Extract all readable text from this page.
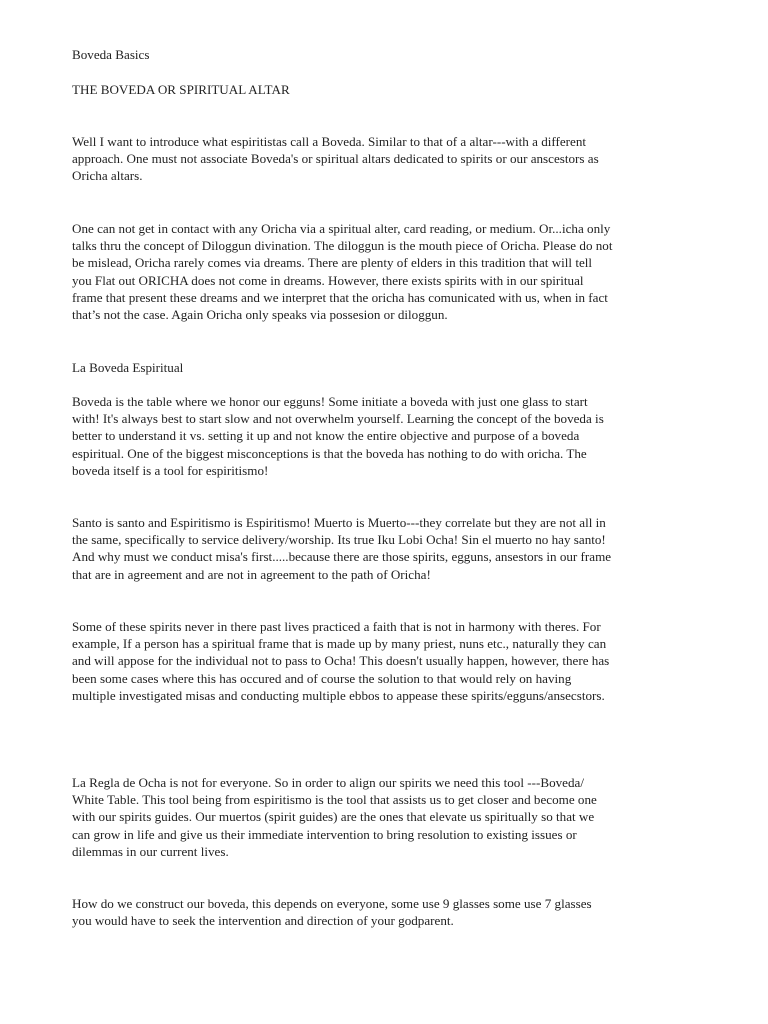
Boveda Basics

THE BOVEDA OR SPIRITUAL ALTAR

Well I want to introduce what espiritistas call a Boveda. Similar to that of a altar---with a different
approach. One must not associate Boveda's or spiritual altars dedicated to spirits or our anscestors as
Oricha altars.

One can not get in contact with any Oricha via a spiritual alter, card reading, or medium. Or...icha only
talks thru the concept of Diloggun divination. The diloggun is the mouth piece of Oricha. Please do not
be mislead, Oricha rarely comes via dreams. There are plenty of elders in this tradition that will tell
you Flat out ORICHA does not come in dreams. However, there exists spirits with in our spiritual
frame that present these dreams and we interpret that the oricha has comunicated with us, when in fact
that’s not the case. Again Oricha only speaks via possesion or diloggun.

La Boveda Espiritual

Boveda is the table where we honor our egguns! Some initiate a boveda with just one glass to start
with! It's always best to start slow and not overwhelm yourself. Learning the concept of the boveda is
better to understand it vs. setting it up and not know the entire objective and purpose of a boveda
espiritual. One of the biggest misconceptions is that the boveda has nothing to do with oricha. The
boveda itself is a tool for espiritismo!

Santo is santo and Espiritismo is Espiritismo! Muerto is Muerto---they correlate but they are not all in
the same, specifically to service delivery/worship. Its true Iku Lobi Ocha! Sin el muerto no hay santo!
And why must we conduct misa's first.....because there are those spirits, egguns, ansestors in our frame
that are in agreement and are not in agreement to the path of Oricha!

Some of these spirits never in there past lives practiced a faith that is not in harmony with theres. For
example, If a person has a spiritual frame that is made up by many priest, nuns etc., naturally they can
and will appose for the individual not to pass to Ocha! This doesn't usually happen, however, there has
been some cases where this has occured and of course the solution to that would rely on having
multiple investigated misas and conducting multiple ebbos to appease these spirits/egguns/ansecstors.

La Regla de Ocha is not for everyone. So in order to align our spirits we need this tool ---Boveda/
White Table. This tool being from espiritismo is the tool that assists us to get closer and become one
with our spirits guides. Our muertos (spirit guides) are the ones that elevate us spiritually so that we
can grow in life and give us their immediate intervention to bring resolution to existing issues or
dilemmas in our current lives.

How do we construct our boveda, this depends on everyone, some use 9 glasses some use 7 glasses
you would have to seek the intervention and direction of your godparent.
